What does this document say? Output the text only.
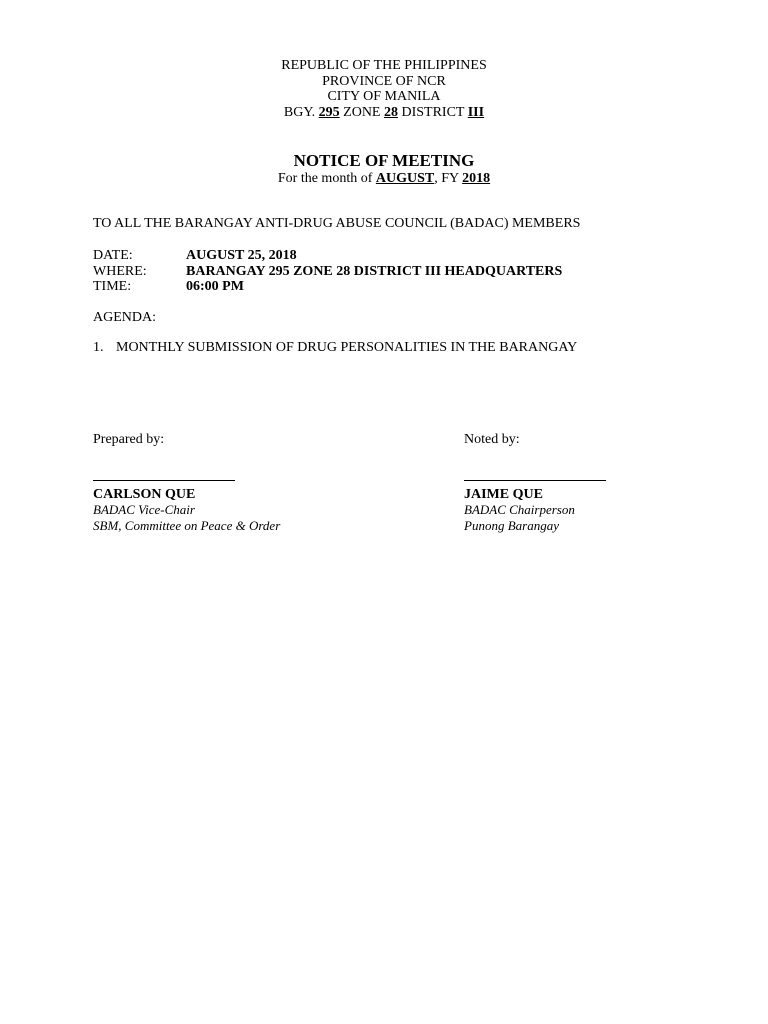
REPUBLIC OF THE PHILIPPINES
PROVINCE OF NCR
CITY OF MANILA
BGY. 295 ZONE 28 DISTRICT III
NOTICE OF MEETING
For the month of AUGUST, FY 2018
TO ALL THE BARANGAY ANTI-DRUG ABUSE COUNCIL (BADAC) MEMBERS
DATE:	AUGUST 25, 2018
WHERE:	BARANGAY 295 ZONE 28 DISTRICT III HEADQUARTERS
TIME:	06:00 PM
AGENDA:
1. MONTHLY SUBMISSION OF DRUG PERSONALITIES IN THE BARANGAY
Prepared by:
CARLSON QUE
BADAC Vice-Chair
SBM, Committee on Peace & Order
Noted by:
JAIME QUE
BADAC Chairperson
Punong Barangay
